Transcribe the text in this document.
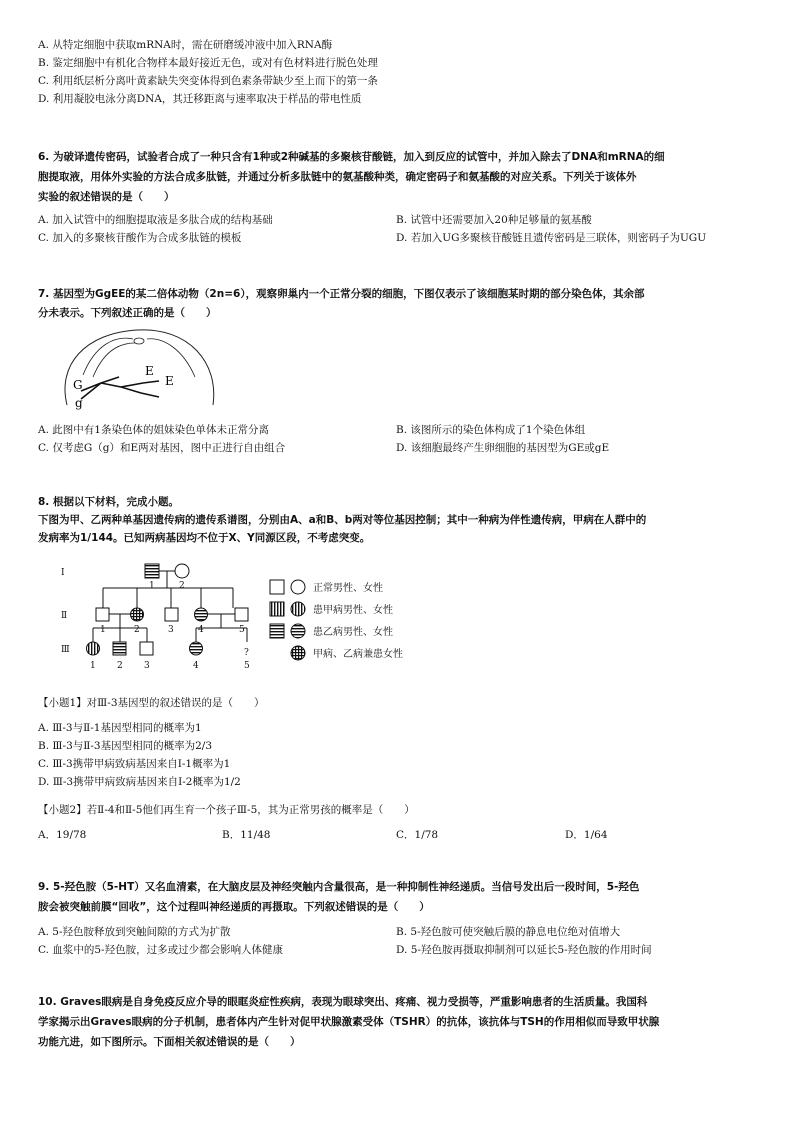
A. 从特定细胞中获取mRNA时，需在研磨缓冲液中加入RNA酶
B. 鉴定细胞中有机化合物样本最好接近无色，或对有色材料进行脱色处理
C. 利用纸层析分离叶黄素缺失突变体得到色素条带缺少至上而下的第一条
D. 利用凝胶电泳分离DNA，其迁移距离与速率取决于样品的带电性质
6. 为破译遗传密码，试验者合成了一种只含有1种或2种碱基的多聚核苷酸链，加入到反应的试管中，并加入除去了DNA和mRNA的细
胞提取液，用体外实验的方法合成多肽链，并通过分析多肽链中的氨基酸种类，确定密码子和氨基酸的对应关系。下列关于该体外
实验的叙述错误的是（　　）
A. 加入试管中的细胞提取液是多肽合成的结构基础	B. 试管中还需要加入20种足够量的氨基酸
C. 加入的多聚核苷酸作为合成多肽链的模板	D. 若加入UG多聚核苷酸链且遗传密码是三联体，则密码子为UGU
7. 基因型为GgEE的某二倍体动物（2n=6），观察卵巢内一个正常分裂的细胞，下图仅表示了该细胞某时期的部分染色体，其余部
分未表示。下列叙述正确的是（　　）
G
g
E
E
A. 此图中有1条染色体的姐妹染色单体未正常分离	B. 该图所示的染色体构成了1个染色体组
C. 仅考虑G（g）和E两对基因，图中正进行自由组合	D. 该细胞最终产生卵细胞的基因型为GE或gE
8. 根据以下材料，完成小题。
下图为甲、乙两种单基因遗传病的遗传系谱图，分别由A、a和B、b两对等位基因控制；其中一种病为伴性遗传病，甲病在人群中的
发病率为1/144。已知两病基因均不位于X、Y同源区段，不考虑突变。
Ⅰ
Ⅱ
Ⅲ
1	2
1	2	3	4	5
1 2 3	4
?
5
正常男性、女性
患甲病男性、女性
患乙病男性、女性
甲病、乙病兼患女性
【小题1】对Ⅲ-3基因型的叙述错误的是（　　）
A. Ⅲ-3与Ⅱ-1基因型相同的概率为1
B. Ⅲ-3与Ⅱ-3基因型相同的概率为2/3
C. Ⅲ-3携带甲病致病基因来自Ⅰ-1概率为1
D. Ⅲ-3携带甲病致病基因来自Ⅰ-2概率为1/2
【小题2】若Ⅱ-4和Ⅱ-5他们再生育一个孩子Ⅲ-5，其为正常男孩的概率是（　　）
A．19/78	B．11/48	C．1/78	D．1/64
9. 5-羟色胺（5-HT）又名血清素，在大脑皮层及神经突触内含量很高，是一种抑制性神经递质。当信号发出后一段时间，5-羟色
胺会被突触前膜“回收”，这个过程叫神经递质的再摄取。下列叙述错误的是（　　）
A. 5-羟色胺释放到突触间隙的方式为扩散	B. 5-羟色胺可使突触后膜的静息电位绝对值增大
C. 血浆中的5-羟色胺，过多或过少都会影响人体健康	D. 5-羟色胺再摄取抑制剂可以延长5-羟色胺的作用时间
10. Graves眼病是自身免疫反应介导的眼眶炎症性疾病，表现为眼球突出、疼痛、视力受损等，严重影响患者的生活质量。我国科
学家揭示出Graves眼病的分子机制，患者体内产生针对促甲状腺激素受体（TSHR）的抗体，该抗体与TSH的作用相似而导致甲状腺
功能亢进，如下图所示。下面相关叙述错误的是（　　）
